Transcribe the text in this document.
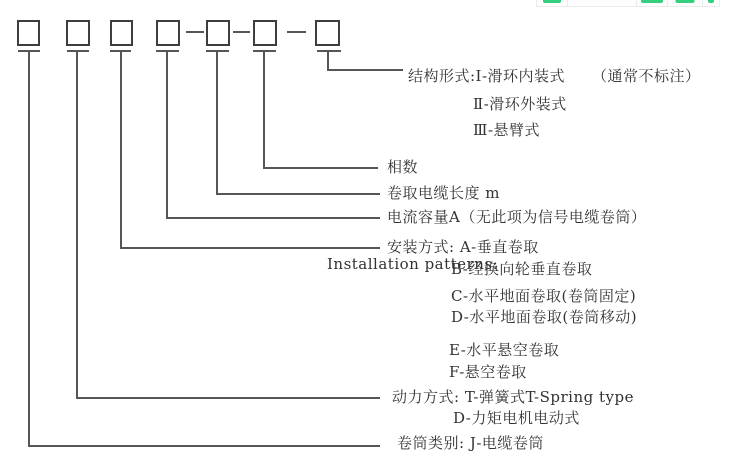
结构形式:Ⅰ-滑环内装式 （通常不标注）
Ⅱ-滑环外装式
Ⅲ-悬臂式
相数
卷取电缆长度 m
电流容量A（无此项为信号电缆卷筒）
安装方式: A-垂直卷取
Installation patterns:
B-经换向轮垂直卷取
C-水平地面卷取(卷筒固定)
D-水平地面卷取(卷筒移动)
E-水平悬空卷取
F-悬空卷取
动力方式: T-弹簧式T-Spring type
D-力矩电机电动式
卷筒类别: J-电缆卷筒
